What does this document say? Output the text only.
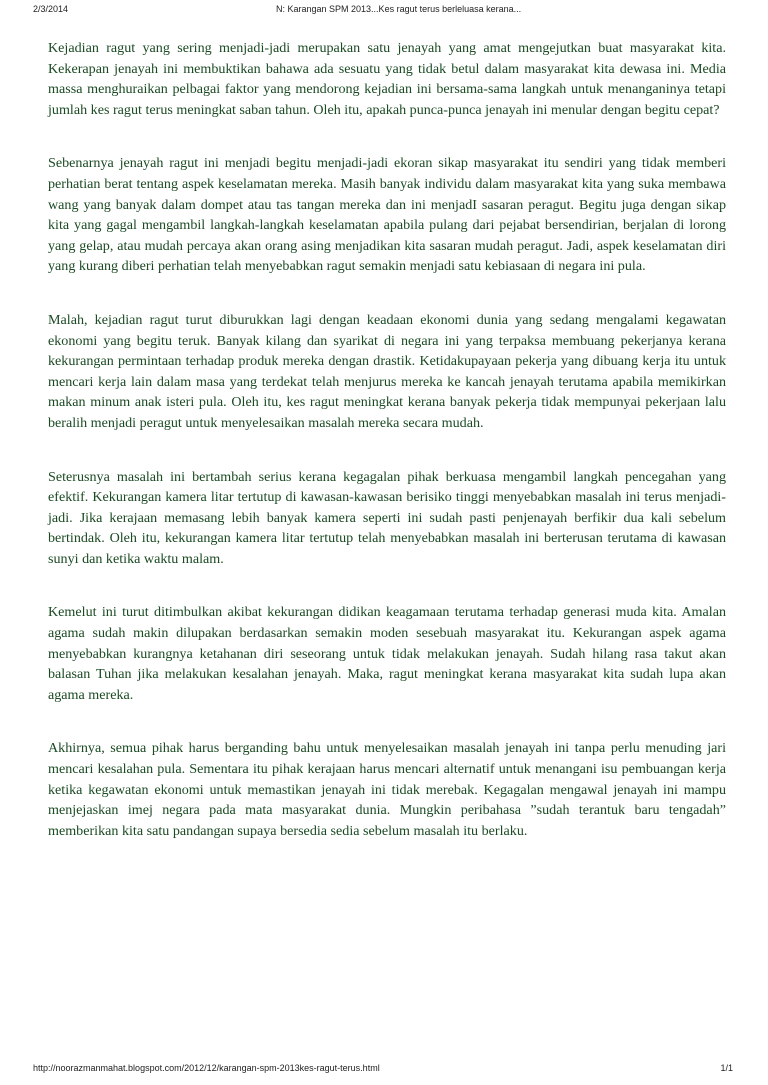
2/3/2014	N: Karangan SPM 2013...Kes ragut terus berleluasa kerana...

Kejadian ragut yang sering menjadi-jadi merupakan satu jenayah yang amat mengejutkan buat masyarakat kita. Kekerapan jenayah ini membuktikan bahawa ada sesuatu yang tidak betul dalam masyarakat kita dewasa ini. Media massa menghuraikan pelbagai faktor yang mendorong kejadian ini bersama-sama langkah untuk menanganinya tetapi jumlah kes ragut terus meningkat saban tahun. Oleh itu, apakah punca-punca jenayah ini menular dengan begitu cepat?

Sebenarnya jenayah ragut ini menjadi begitu menjadi-jadi ekoran sikap masyarakat itu sendiri yang tidak memberi perhatian berat tentang aspek keselamatan mereka. Masih banyak individu dalam masyarakat kita yang suka membawa wang yang banyak dalam dompet atau tas tangan mereka dan ini menjadI sasaran peragut. Begitu juga dengan sikap kita yang gagal mengambil langkah-langkah keselamatan apabila pulang dari pejabat bersendirian, berjalan di lorong yang gelap, atau mudah percaya akan orang asing menjadikan kita sasaran mudah peragut. Jadi, aspek keselamatan diri yang kurang diberi perhatian telah menyebabkan ragut semakin menjadi satu kebiasaan di negara ini pula.

Malah, kejadian ragut turut diburukkan lagi dengan keadaan ekonomi dunia yang sedang mengalami kegawatan ekonomi yang begitu teruk. Banyak kilang dan syarikat di negara ini yang terpaksa membuang pekerjanya kerana kekurangan permintaan terhadap produk mereka dengan drastik. Ketidakupayaan pekerja yang dibuang kerja itu untuk mencari kerja lain dalam masa yang terdekat telah menjurus mereka ke kancah jenayah terutama apabila memikirkan makan minum anak isteri pula. Oleh itu, kes ragut meningkat kerana banyak pekerja tidak mempunyai pekerjaan lalu beralih menjadi peragut untuk menyelesaikan masalah mereka secara mudah.

Seterusnya masalah ini bertambah serius kerana kegagalan pihak berkuasa mengambil langkah pencegahan yang efektif. Kekurangan kamera litar tertutup di kawasan-kawasan berisiko tinggi menyebabkan masalah ini terus menjadi-jadi. Jika kerajaan memasang lebih banyak kamera seperti ini sudah pasti penjenayah berfikir dua kali sebelum bertindak. Oleh itu, kekurangan kamera litar tertutup telah menyebabkan masalah ini berterusan terutama di kawasan sunyi dan ketika waktu malam.

Kemelut ini turut ditimbulkan akibat kekurangan didikan keagamaan terutama terhadap generasi muda kita. Amalan agama sudah makin dilupakan berdasarkan semakin moden sesebuah masyarakat itu. Kekurangan aspek agama menyebabkan kurangnya ketahanan diri seseorang untuk tidak melakukan jenayah. Sudah hilang rasa takut akan balasan Tuhan jika melakukan kesalahan jenayah. Maka, ragut meningkat kerana masyarakat kita sudah lupa akan agama mereka.

Akhirnya, semua pihak harus berganding bahu untuk menyelesaikan masalah jenayah ini tanpa perlu menuding jari mencari kesalahan pula. Sementara itu pihak kerajaan harus mencari alternatif untuk menangani isu pembuangan kerja ketika kegawatan ekonomi untuk memastikan jenayah ini tidak merebak. Kegagalan mengawal jenayah ini mampu menjejaskan imej negara pada mata masyarakat dunia. Mungkin peribahasa ”sudah terantuk baru tengadah” memberikan kita satu pandangan supaya bersedia sedia sebelum masalah itu berlaku.

http://noorazmanmahat.blogspot.com/2012/12/karangan-spm-2013kes-ragut-terus.html	1/1
